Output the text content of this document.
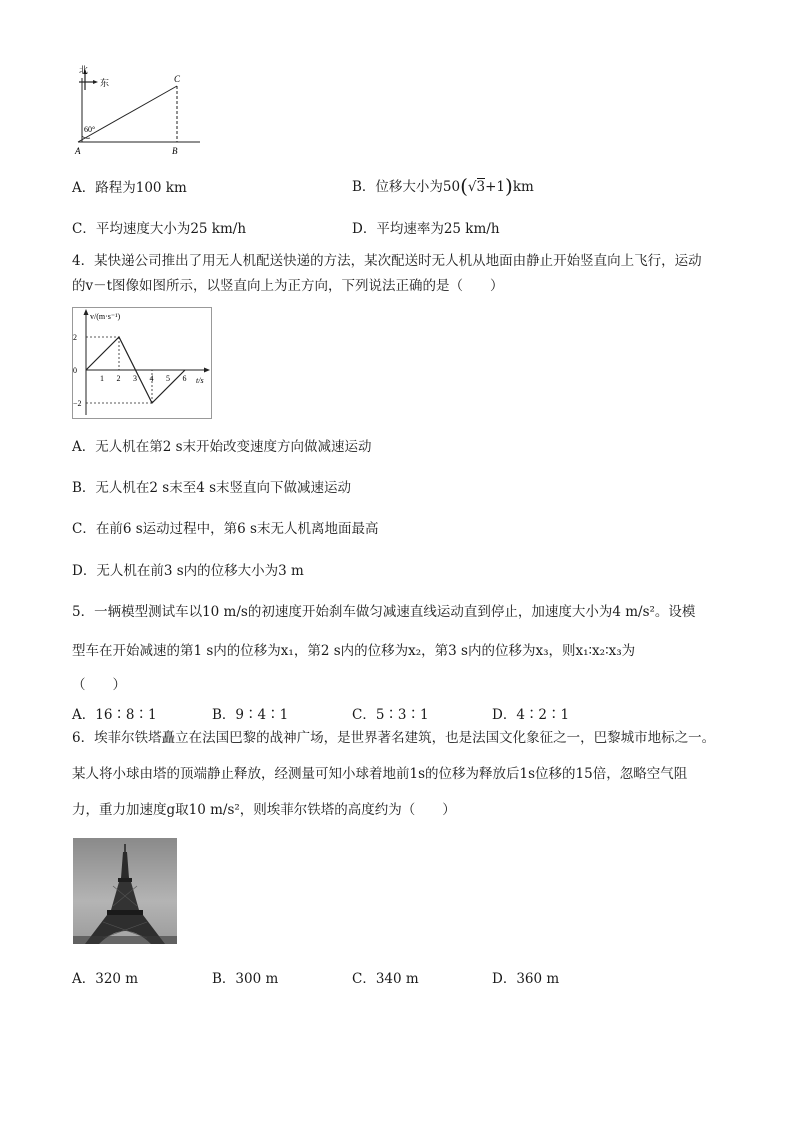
北
东
60°
A	B
C
A．路程为100 km	B．位移大小为50(√3+1)km
C．平均速度大小为25 km/h	D．平均速率为25 km/h
4．某快递公司推出了用无人机配送快递的方法，某次配送时无人机从地面由静止开始竖直向上飞行，运动
的v－t图像如图所示，以竖直向上为正方向，下列说法正确的是（　　）
1 2 3 4 5 6
2
0
−2
v/(m·s⁻¹)
t/s
A．无人机在第2 s末开始改变速度方向做减速运动
B．无人机在2 s末至4 s末竖直向下做减速运动
C．在前6 s运动过程中，第6 s末无人机离地面最高
D．无人机在前3 s内的位移大小为3 m
5．一辆模型测试车以10 m/s的初速度开始刹车做匀减速直线运动直到停止，加速度大小为4 m/s²。设模
型车在开始减速的第1 s内的位移为x₁，第2 s内的位移为x₂，第3 s内的位移为x₃，则x₁∶x₂∶x₃为
（　　）
A．16∶8∶1	B．9∶4∶1	C．5∶3∶1	D．4∶2∶1
6．埃菲尔铁塔矗立在法国巴黎的战神广场，是世界著名建筑，也是法国文化象征之一，巴黎城市地标之一。
某人将小球由塔的顶端静止释放，经测量可知小球着地前1s的位移为释放后1s位移的15倍，忽略空气阻
力，重力加速度g取10 m/s²，则埃菲尔铁塔的高度约为（　　）
A．320 m	B．300 m	C．340 m	D．360 m
